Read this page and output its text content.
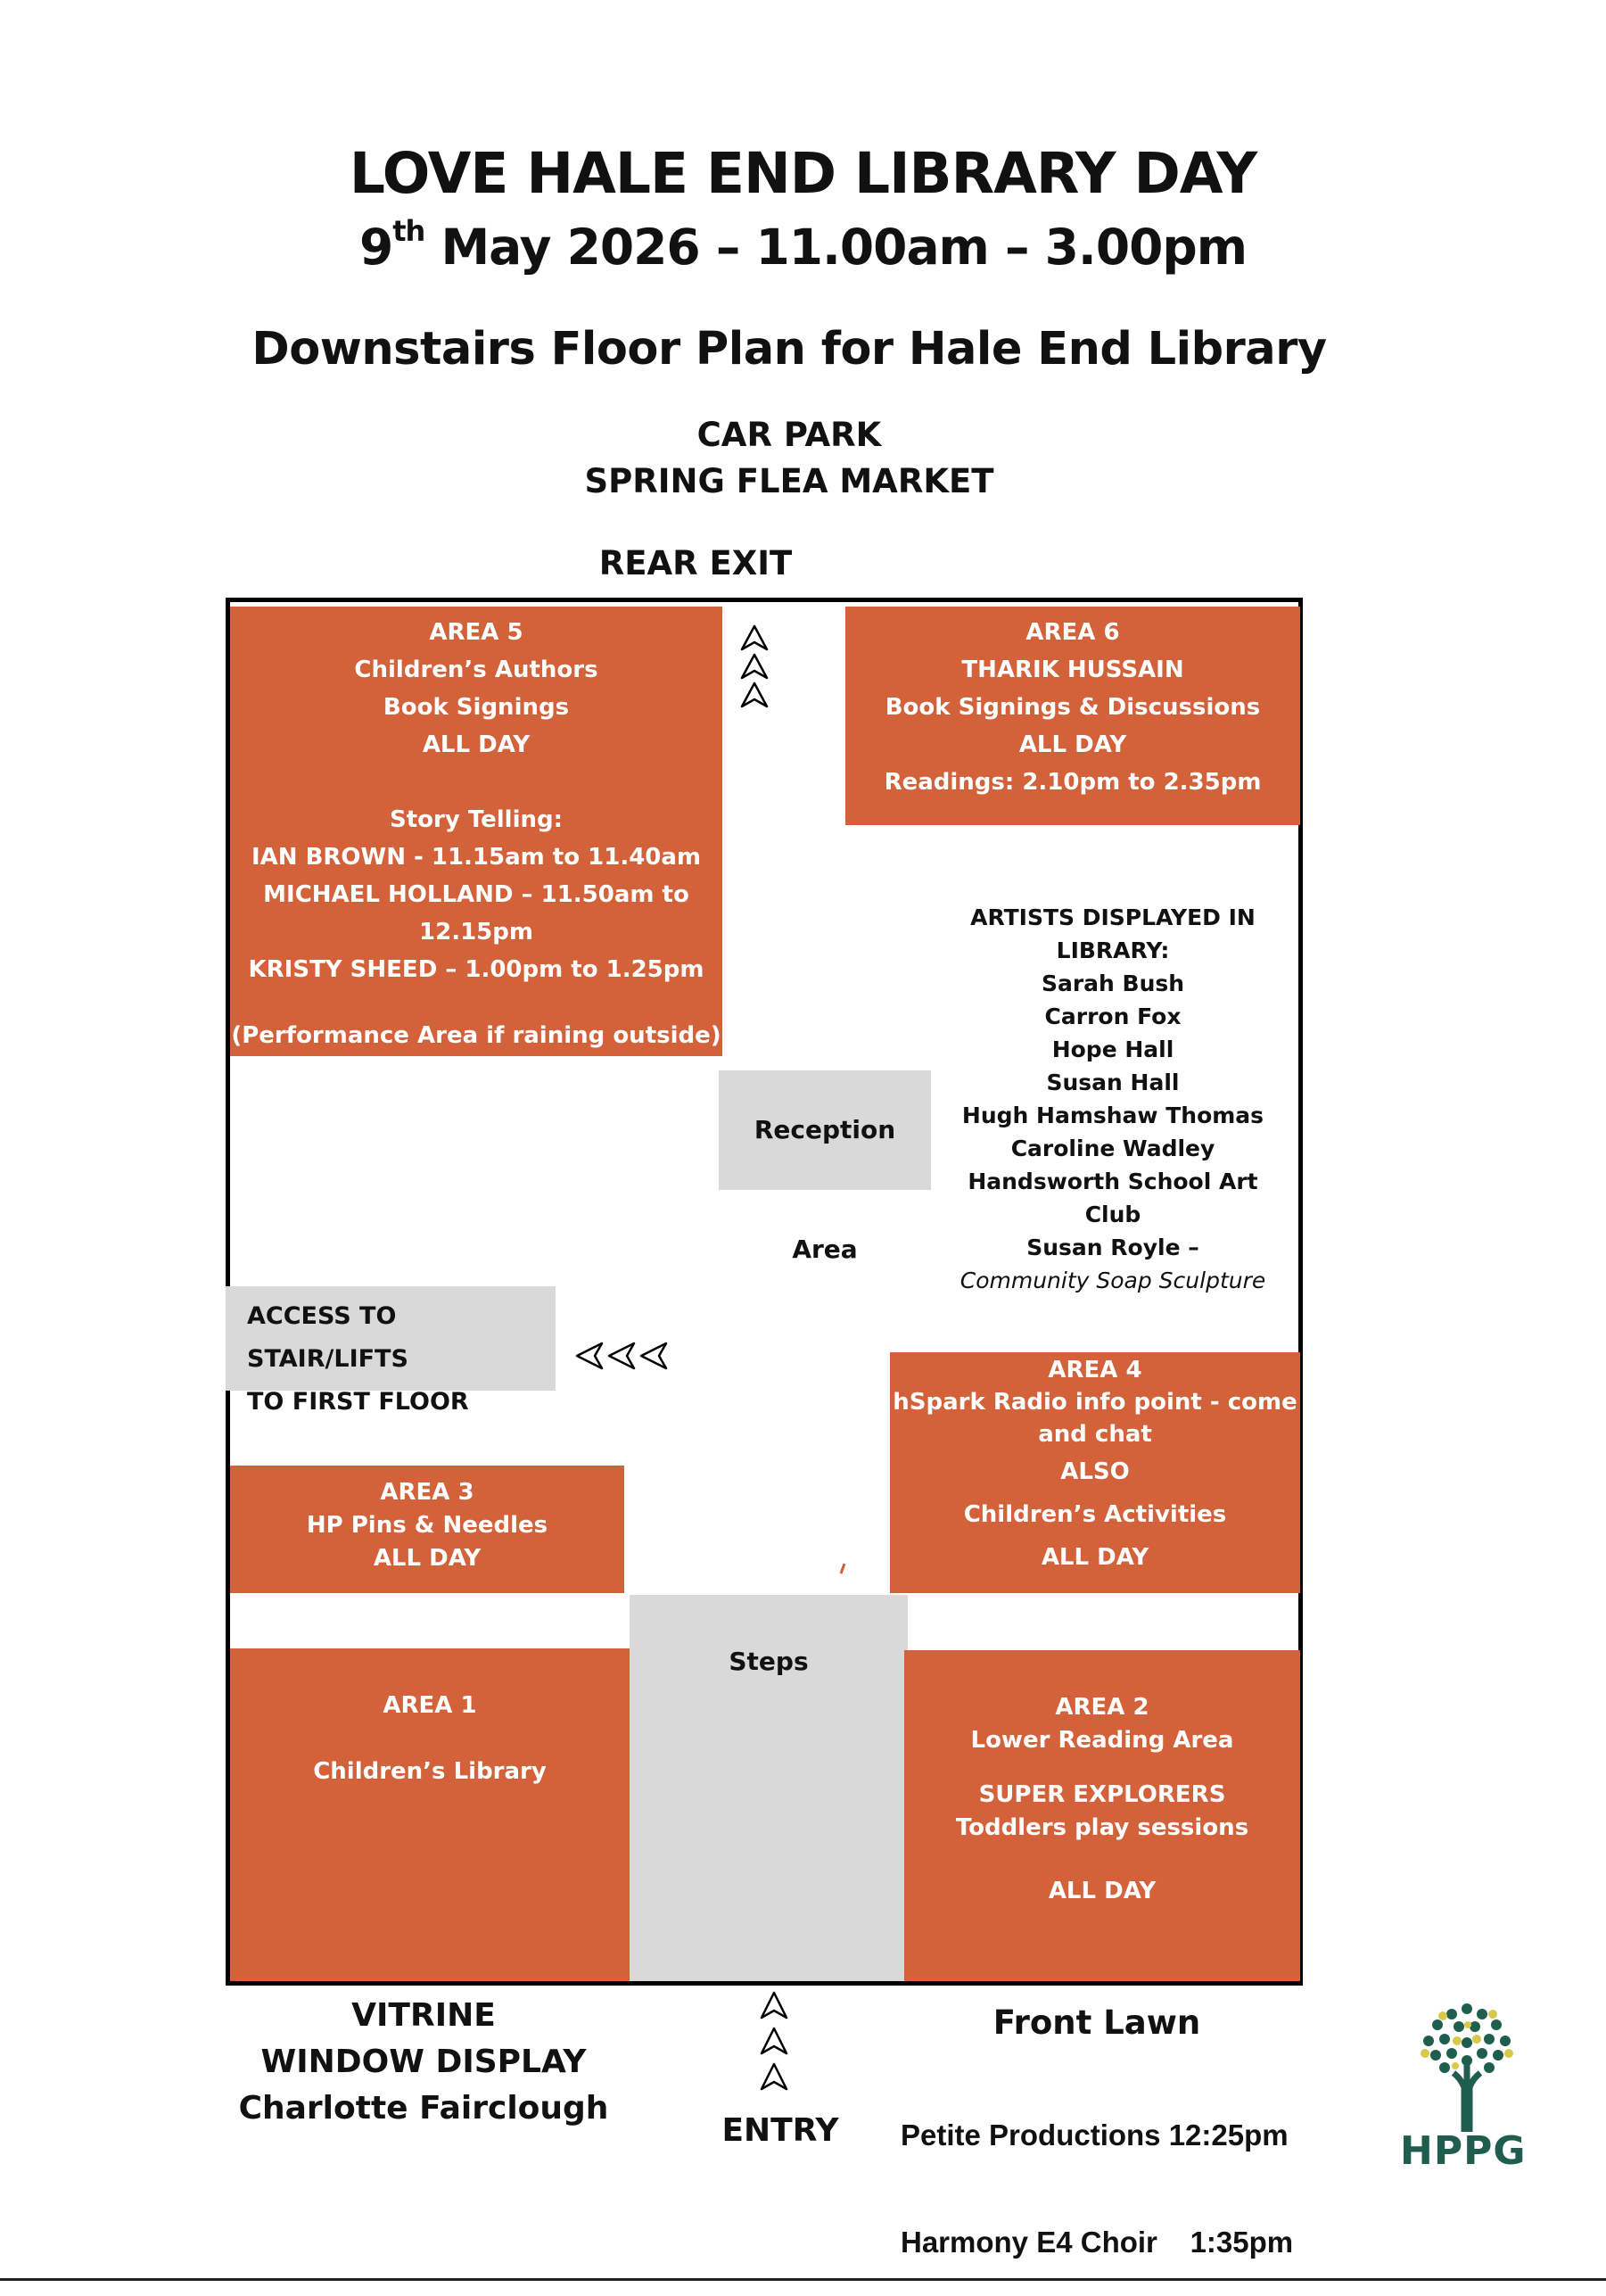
LOVE HALE END LIBRARY DAY
9th May 2026 – 11.00am – 3.00pm
Downstairs Floor Plan for Hale End Library
CAR PARK
SPRING FLEA MARKET
REAR EXIT
AREA 5
Children’s Authors
Book Signings
ALL DAY
Story Telling:
IAN BROWN - 11.15am to 11.40am
MICHAEL HOLLAND – 11.50am to 12.15pm
KRISTY SHEED – 1.00pm to 1.25pm
(Performance Area if raining outside)
AREA 6
THARIK HUSSAIN
Book Signings & Discussions
ALL DAY
Readings: 2.10pm to 2.35pm
Reception Area
ARTISTS DISPLAYED IN
LIBRARY:
Sarah Bush
Carron Fox
Hope Hall
Susan Hall
Hugh Hamshaw Thomas
Caroline Wadley
Handsworth School Art Club
Susan Royle –
Community Soap Sculpture
ACCESS TO STAIR/LIFTS
TO FIRST FLOOR
AREA 4
hSpark Radio info point - come
and chat
ALSO
Children’s Activities
ALL DAY
AREA 3
HP Pins & Needles
ALL DAY
Steps
AREA 1
Children’s Library
AREA 2
Lower Reading Area
SUPER EXPLORERS
Toddlers play sessions
ALL DAY
VITRINE
WINDOW DISPLAY
Charlotte Fairclough
ENTRY
Front Lawn

Petite Productions 12:25pm

Harmony E4 Choir    1:35pm

HPPG
